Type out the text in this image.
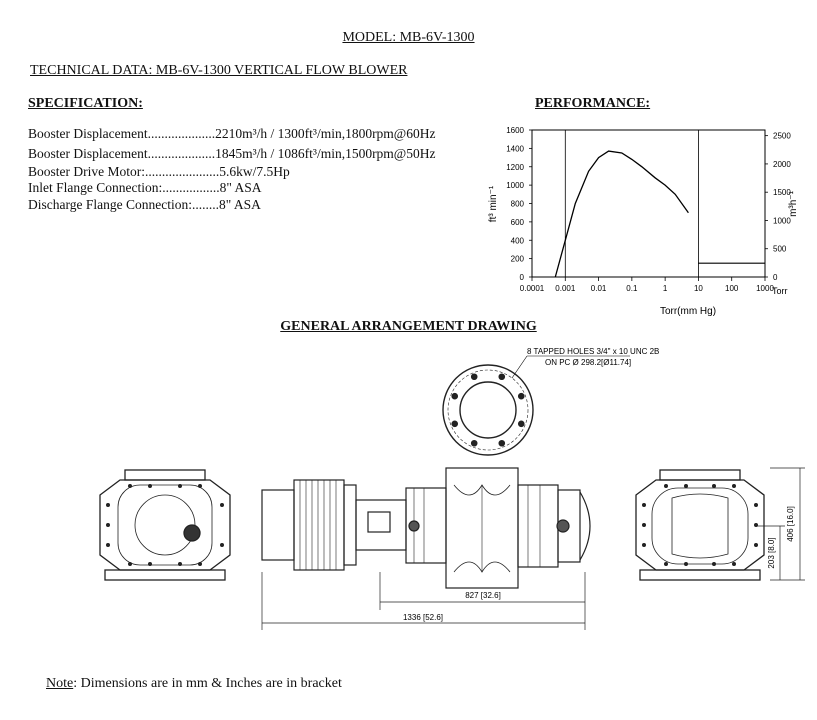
MODEL: MB-6V-1300
TECHNICAL DATA: MB-6V-1300 VERTICAL FLOW BLOWER
SPECIFICATION:
Booster Displacement....................2210m³/h / 1300ft³/min,1800rpm@60Hz
Booster Displacement....................1845m³/h / 1086ft³/min,1500rpm@50Hz
Booster Drive Motor:......................5.6kw/7.5Hp
Inlet Flange Connection:.................8" ASA
Discharge Flange Connection:........8" ASA
PERFORMANCE:
0
200
400
600
800
1000
1200
1400
1600
0
500
1000
1500
2000
2500
0.0001 0.001 0.01 0.1	1	10	100 1000
Torr(mm Hg)
Torr
ft³ min⁻¹	m³h⁻¹
GENERAL ARRANGEMENT DRAWING
8 TAPPED HOLES 3/4" x 10 UNC 2B
ON PC Ø 298.2[Ø11.74]
406 [16.0]
203 [8.0]
827 [32.6]
1336 [52.6]
Note: Dimensions are in mm & Inches are in bracket
